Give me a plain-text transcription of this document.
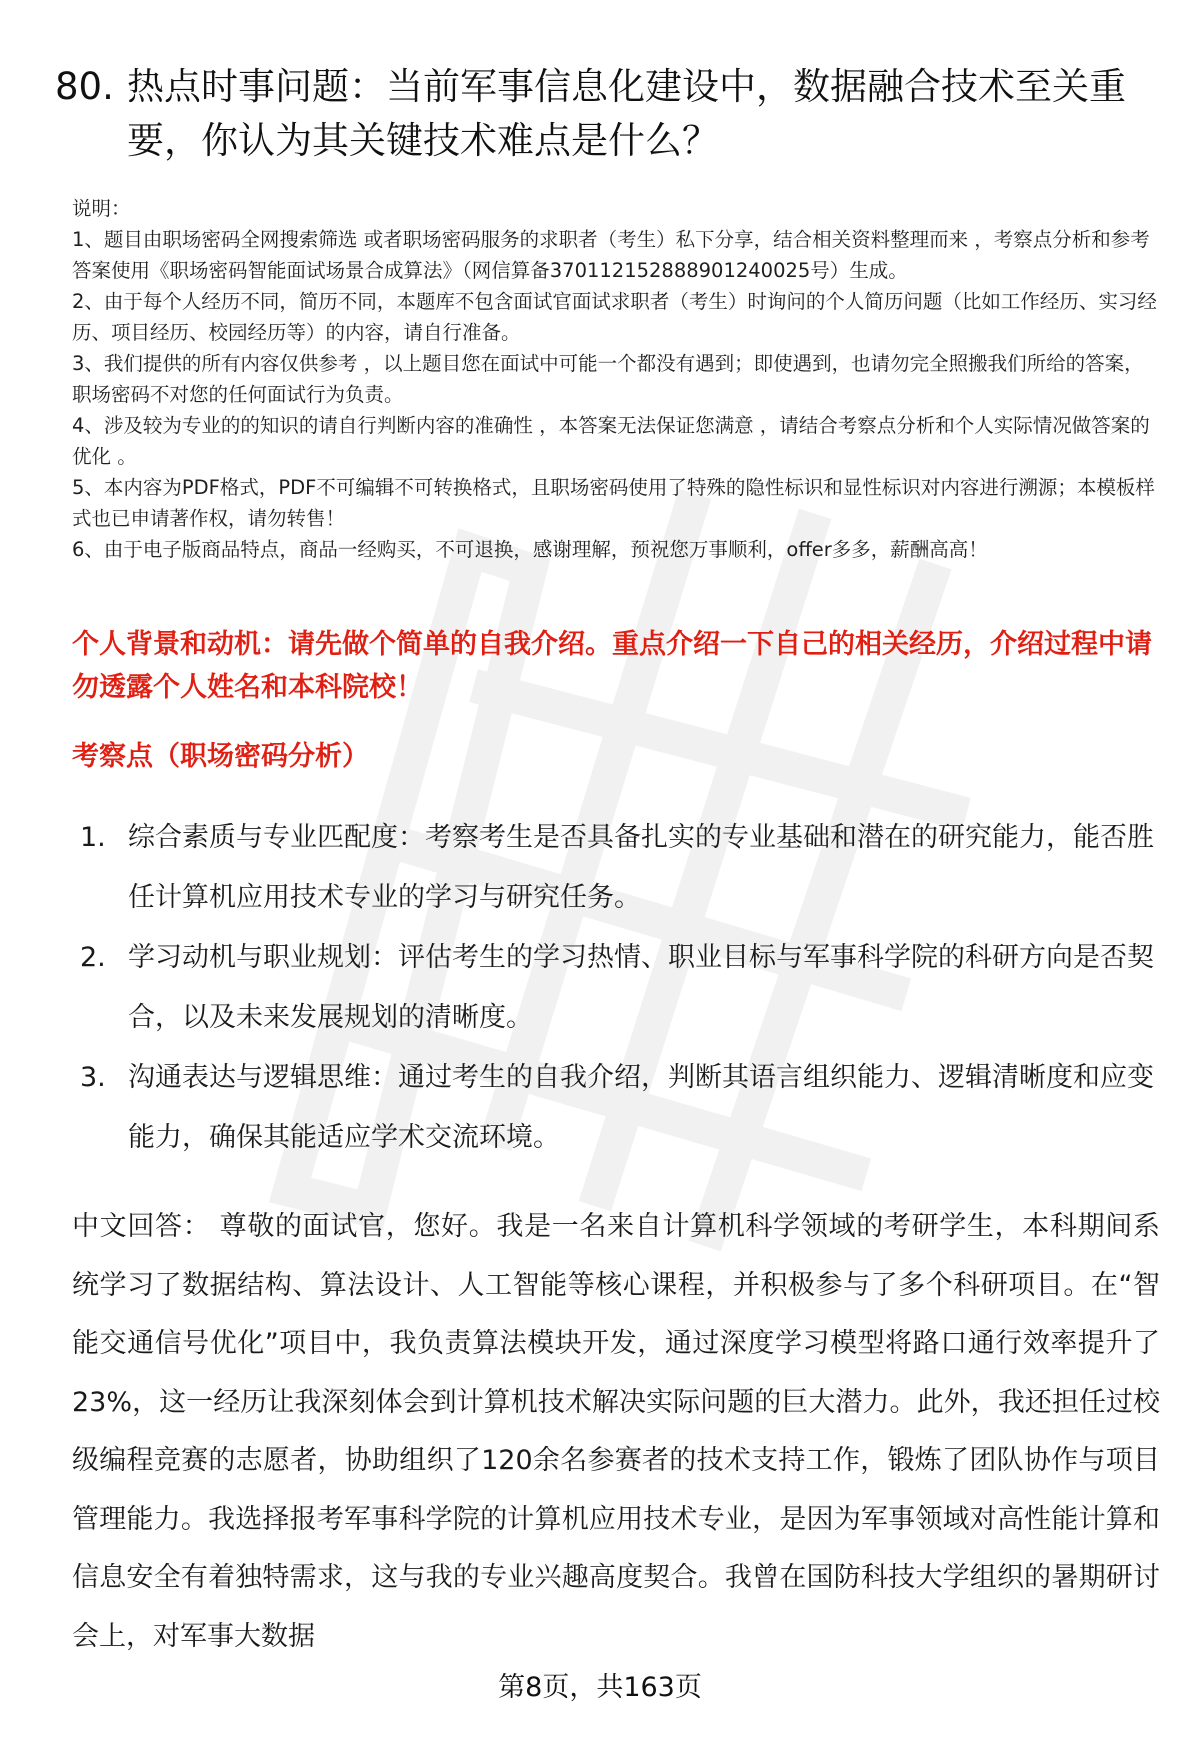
80. 热点时事问题：当前军事信息化建设中，数据融合技术至关重要，你认为其关键技术难点是什么？

说明：

1、题目由职场密码全网搜索筛选 或者职场密码服务的求职者（考生）私下分享，结合相关资料整理而来 ，考察点分析和参考答案使用《职场密码智能面试场景合成算法》（网信算备370112152888901240025号）生成。

2、由于每个人经历不同，简历不同，本题库不包含面试官面试求职者（考生）时询问的个人简历问题（比如工作经历、实习经历、项目经历、校园经历等）的内容，请自行准备。

3、我们提供的所有内容仅供参考 ，以上题目您在面试中可能一个都没有遇到；即使遇到，也请勿完全照搬我们所给的答案，职场密码不对您的任何面试行为负责。

4、涉及较为专业的的知识的请自行判断内容的准确性 ，本答案无法保证您满意 ，请结合考察点分析和个人实际情况做答案的优化 。

5、本内容为PDF格式，PDF不可编辑不可转换格式，且职场密码使用了特殊的隐性标识和显性标识对内容进行溯源；本模板样式也已申请著作权，请勿转售！

6、由于电子版商品特点，商品一经购买，不可退换，感谢理解，预祝您万事顺利，offer多多，薪酬高高！

个人背景和动机：请先做个简单的自我介绍。重点介绍一下自己的相关经历，介绍过程中请勿透露个人姓名和本科院校！
考察点（职场密码分析）
1. 综合素质与专业匹配度：考察考生是否具备扎实的专业基础和潜在的研究能力，能否胜任计算机应用技术专业的学习与研究任务。
2. 学习动机与职业规划：评估考生的学习热情、职业目标与军事科学院的科研方向是否契合，以及未来发展规划的清晰度。
3. 沟通表达与逻辑思维：通过考生的自我介绍，判断其语言组织能力、逻辑清晰度和应变能力，确保其能适应学术交流环境。
中文回答： 尊敬的面试官，您好。我是一名来自计算机科学领域的考研学生，本科期间系统学习了数据结构、算法设计、人工智能等核心课程，并积极参与了多个科研项目。在“智能交通信号优化”项目中，我负责算法模块开发，通过深度学习模型将路口通行效率提升了23%，这一经历让我深刻体会到计算机技术解决实际问题的巨大潜力。此外，我还担任过校级编程竞赛的志愿者，协助组织了120余名参赛者的技术支持工作，锻炼了团队协作与项目管理能力。我选择报考军事科学院的计算机应用技术专业，是因为军事领域对高性能计算和信息安全有着独特需求，这与我的专业兴趣高度契合。我曾在国防科技大学组织的暑期研讨会上，对军事大数据
第8页，共163页
